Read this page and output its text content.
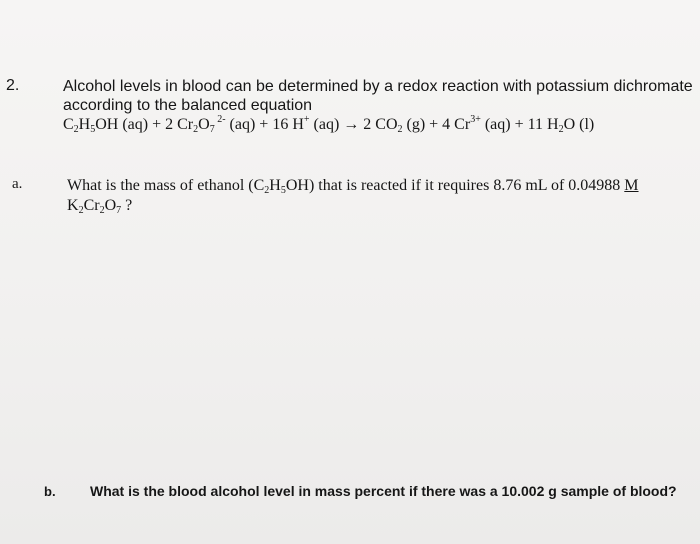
2.	Alcohol levels in blood can be determined by a redox reaction with potassium dichromate
according to the balanced equation
$C_2H_5OH$ (aq) + 2 $Cr_2O_7$ $^{2-}$ (aq) + 16 H+ (aq) → 2 $CO_2$ (g) + 4 $Cr^{3+}$ (aq) + 11 $H_2O$ (l)
a.	What is the mass of ethanol $(C_2H_5OH)$ that is reacted if it requires 8.76 mL of 0.04988 M
$K_2Cr_2O_7$ ?
b. What is the blood alcohol level in mass percent if there was a 10.002 g sample of blood?
